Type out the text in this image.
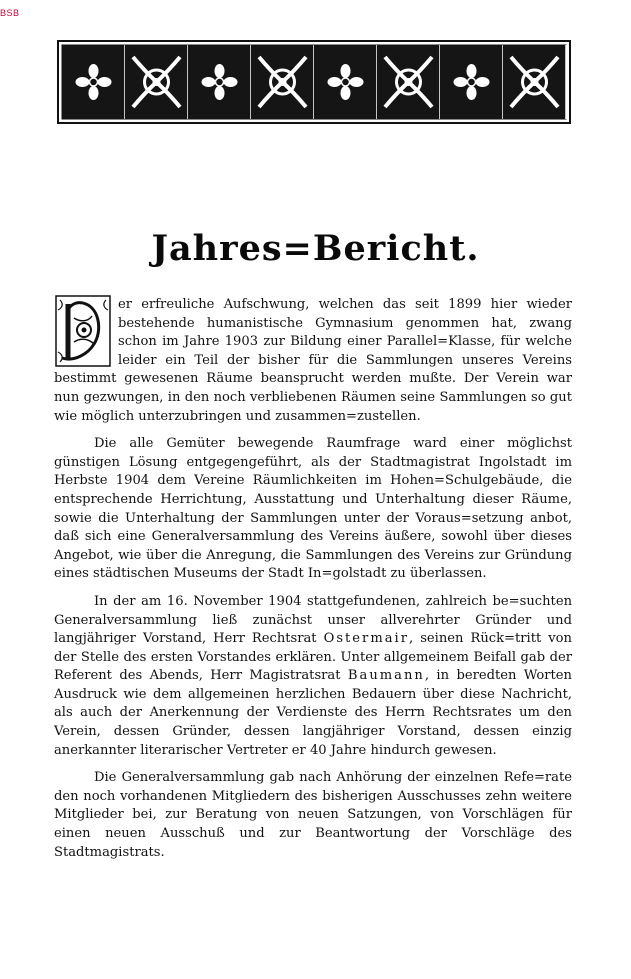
BSB
Jahres=Bericht.

D
er erfreuliche Aufschwung, welchen das seit 1899 hier wieder bestehende humanistische Gymnasium genommen hat, zwang schon im Jahre 1903 zur Bildung einer Parallel=Klasse, für welche leider ein Teil der bisher für die Sammlungen unseres Vereins bestimmt gewesenen Räume beansprucht werden mußte. Der Verein war nun gezwungen, in den noch verbliebenen Räumen seine Sammlungen so gut wie möglich unterzubringen und zusammen=zustellen.

Die alle Gemüter bewegende Raumfrage ward einer möglichst günstigen Lösung entgegengeführt, als der Stadtmagistrat Ingolstadt im Herbste 1904 dem Vereine Räumlichkeiten im Hohen=Schulgebäude, die entsprechende Herrichtung, Ausstattung und Unterhaltung dieser Räume, sowie die Unterhaltung der Sammlungen unter der Voraus=setzung anbot, daß sich eine Generalversammlung des Vereins äußere, sowohl über dieses Angebot, wie über die Anregung, die Sammlungen des Vereins zur Gründung eines städtischen Museums der Stadt In=golstadt zu überlassen.

In der am 16. November 1904 stattgefundenen, zahlreich be=suchten Generalversammlung ließ zunächst unser allverehrter Gründer und langjähriger Vorstand, Herr Rechtsrat Ostermair, seinen Rück=tritt von der Stelle des ersten Vorstandes erklären. Unter allgemeinem Beifall gab der Referent des Abends, Herr Magistratsrat Baumann, in beredten Worten Ausdruck wie dem allgemeinen herzlichen Bedauern über diese Nachricht, als auch der Anerkennung der Verdienste des Herrn Rechtsrates um den Verein, dessen Gründer, dessen langjähriger Vorstand, dessen einzig anerkannter literarischer Vertreter er 40 Jahre hindurch gewesen.

Die Generalversammlung gab nach Anhörung der einzelnen Refe=rate den noch vorhandenen Mitgliedern des bisherigen Ausschusses zehn weitere Mitglieder bei, zur Beratung von neuen Satzungen, von Vorschlägen für einen neuen Ausschuß und zur Beantwortung der Vorschläge des Stadtmagistrats.
